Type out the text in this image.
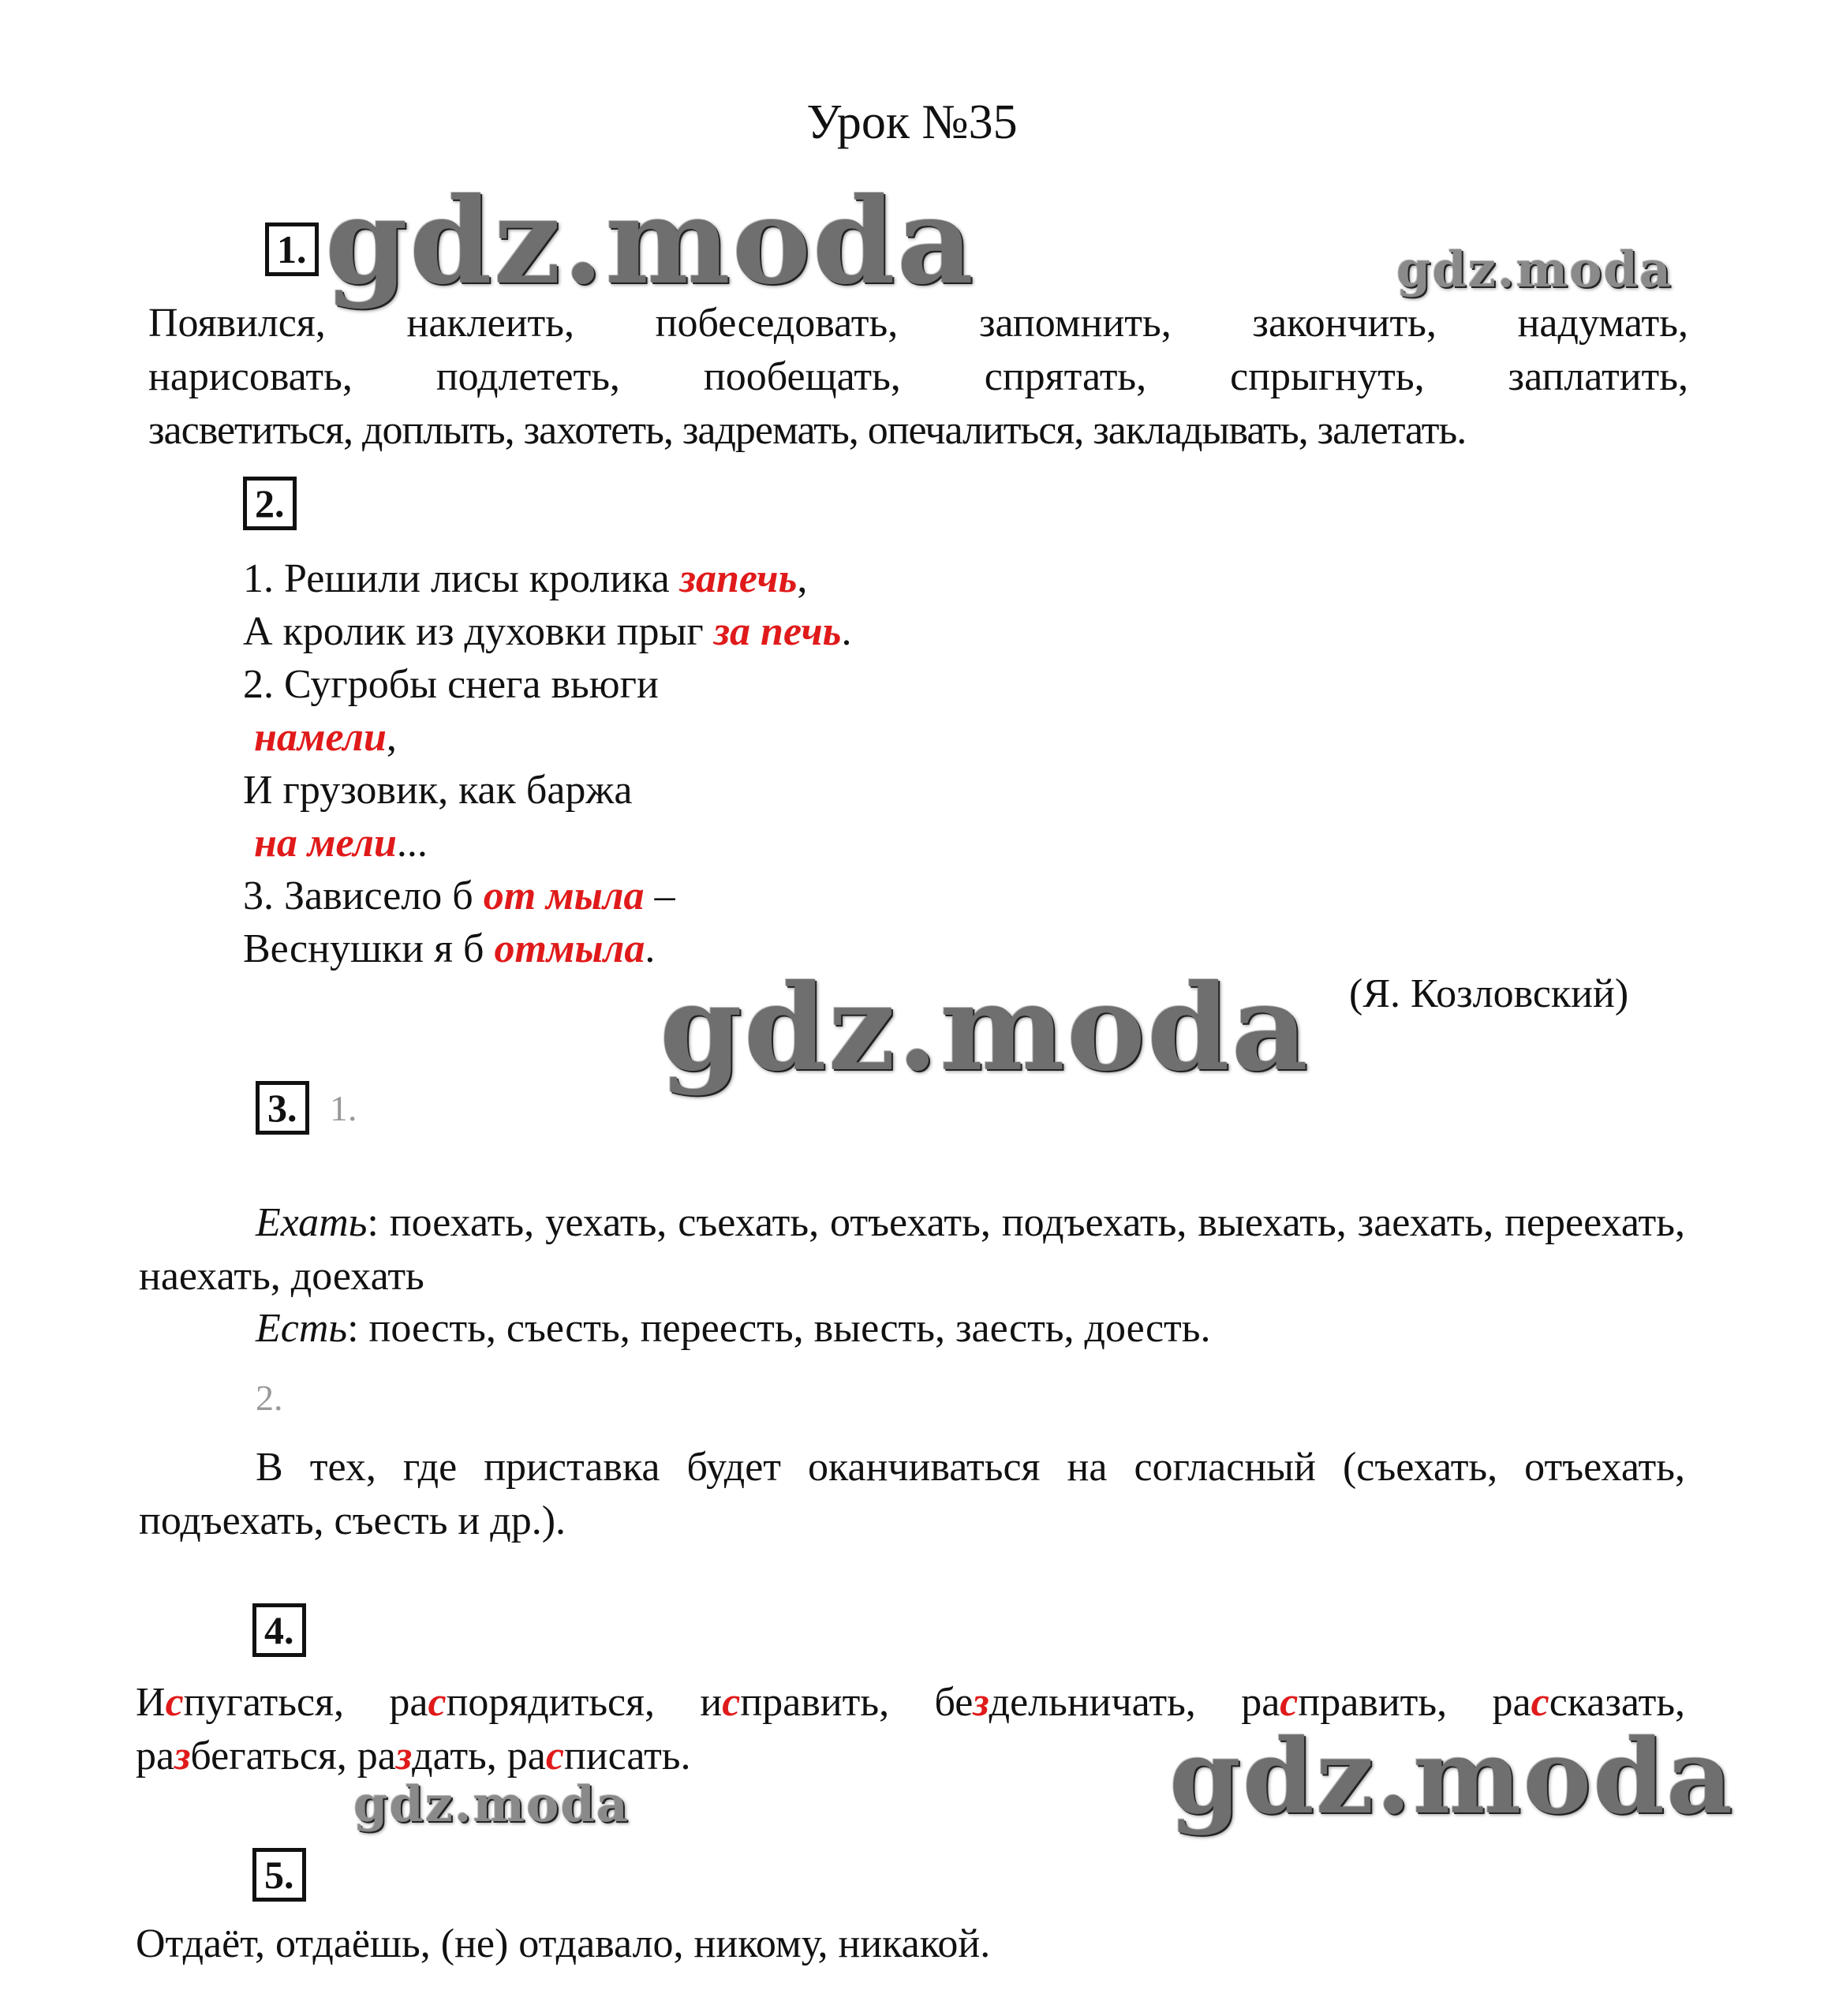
Урок №35
1. gdz.moda	gdz.moda
Появился,   наклеить,   побеседовать,   запомнить,   закончить,   надумать,
нарисовать,   подлететь,   пообещать,   спрятать,   спрыгнуть,   заплатить,
засветиться, доплыть, захотеть, задремать, опечалиться, закладывать, залетать.
2.
1. Решили лисы кролика запечь,
А кролик из духовки прыг за печь.
2. Сугробы снега вьюги
намели,
И грузовик, как баржа
на мели...
3. Зависело б от мыла –
Веснушки я б отмыла.
gdz.moda (Я. Козловский)
3. 1.
Ехать: поехать, уехать, съехать, отъехать, подъехать, выехать, заехать, переехать, наехать, доехать
Есть: поесть, съесть, переесть, выесть, заесть, доесть.
2.
В тех, где приставка будет оканчиваться на согласный (съехать, отъехать, подъехать, съесть и др.).
4.
Испугаться, распорядиться, исправить, бездельничать, расправить, рассказать, разбегаться, раздать, расписать.
gdz.moda	gdz.moda
5.
Отдаёт, отдаёшь, (не) отдавало, никому, никакой.
